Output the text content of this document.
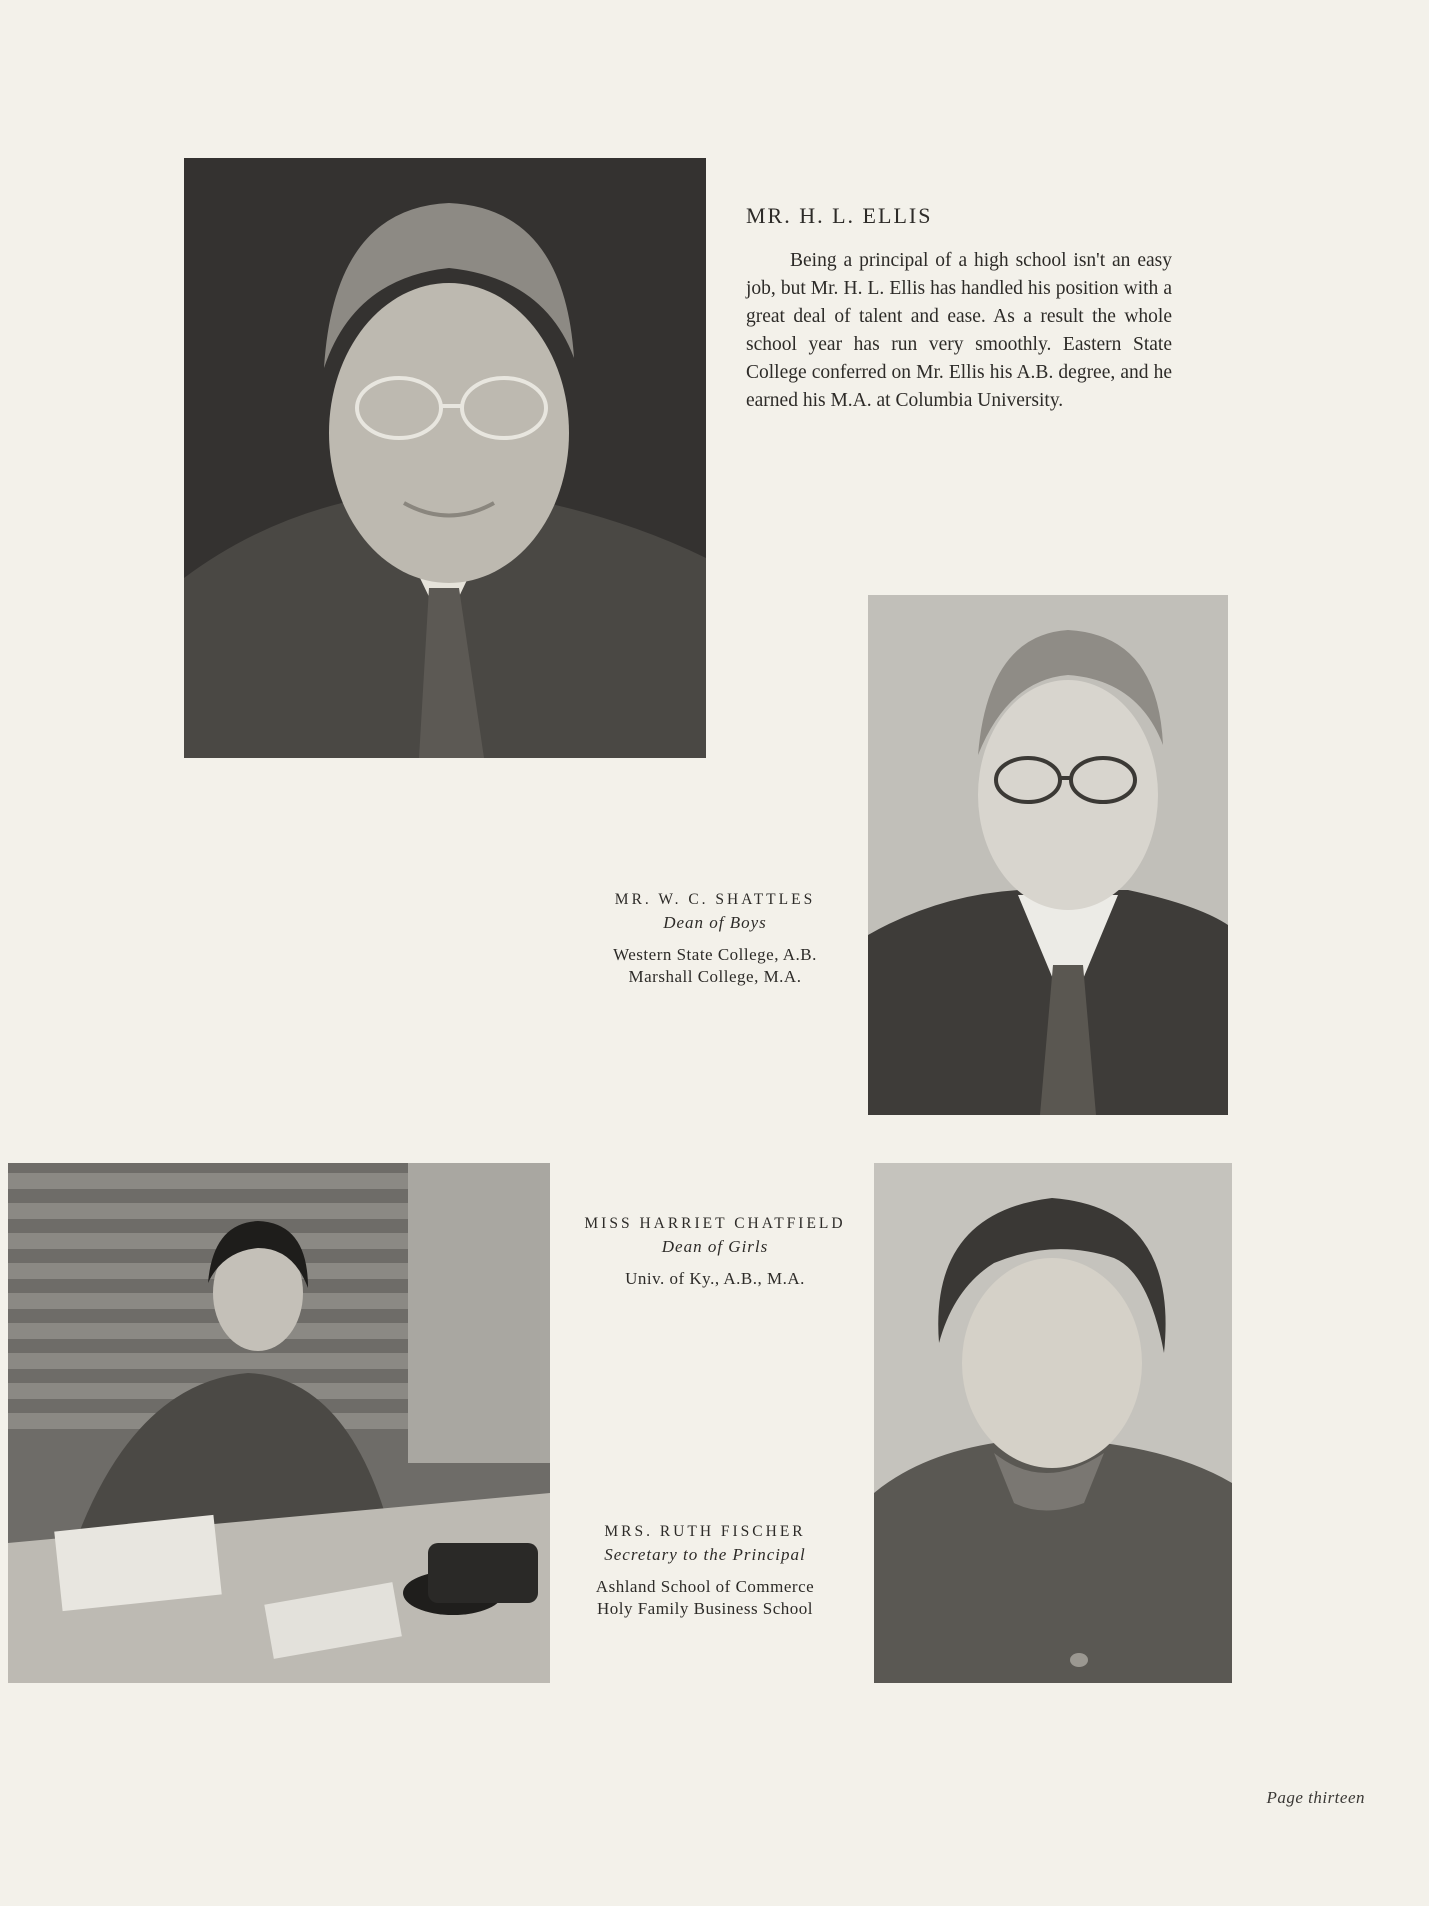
MR. H. L. ELLIS

Being a principal of a high school isn't an easy job, but Mr. H. L. Ellis has handled his position with a great deal of talent and ease. As a result the whole school year has run very smoothly. Eastern State College conferred on Mr. Ellis his A.B. degree, and he earned his M.A. at Columbia University.

MR. W. C. SHATTLES
Dean of Boys
Western State College, A.B.
Marshall College, M.A.
MISS HARRIET CHATFIELD
Dean of Girls
Univ. of Ky., A.B., M.A.
MRS. RUTH FISCHER
Secretary to the Principal
Ashland School of Commerce
Holy Family Business School
Page thirteen
